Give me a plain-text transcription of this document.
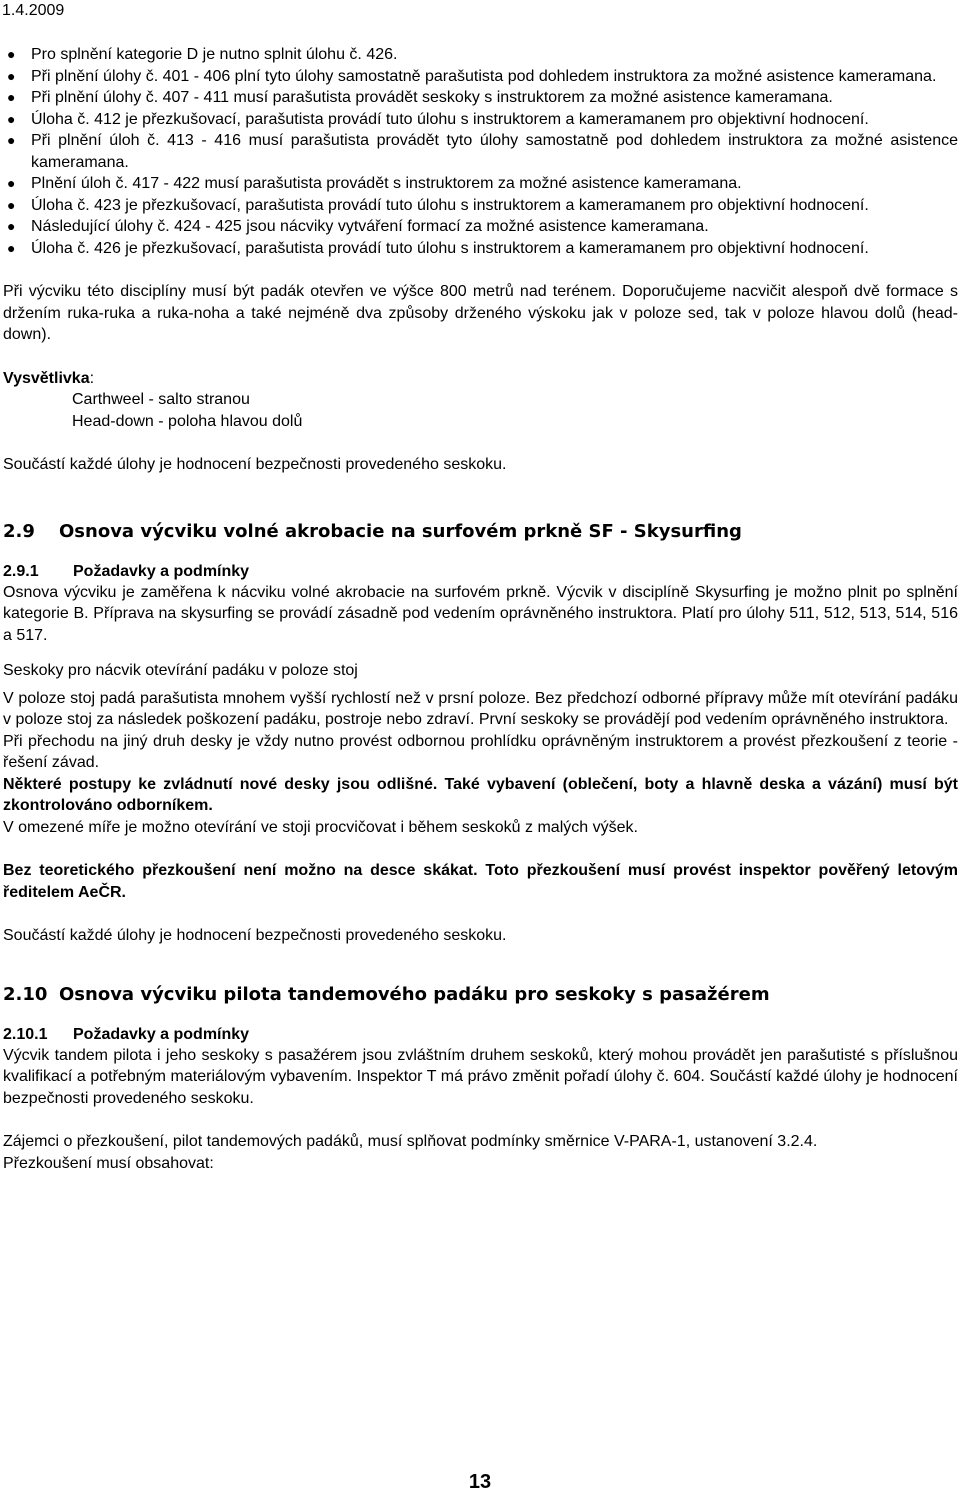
1.4.2009
● Pro splnění kategorie D je nutno splnit úlohu č. 426.
● Při plnění úlohy č. 401 - 406 plní tyto úlohy samostatně parašutista pod dohledem instruktora za možné asistence kameramana.
● Při plnění úlohy č. 407 - 411 musí parašutista provádět seskoky s instruktorem za možné asistence kameramana.
● Úloha č. 412 je přezkušovací, parašutista provádí tuto úlohu s instruktorem a kameramanem pro objektivní hodnocení.
● Při plnění úloh č. 413 - 416 musí parašutista provádět tyto úlohy samostatně pod dohledem instruktora za možné asistence kameramana.
● Plnění úloh č. 417 - 422 musí parašutista provádět s instruktorem za možné asistence kameramana.
● Úloha č. 423 je přezkušovací, parašutista provádí tuto úlohu s instruktorem a kameramanem pro objektivní hodnocení.
● Následující úlohy č. 424 - 425 jsou nácviky vytváření formací za možné asistence kameramana.
● Úloha č. 426 je přezkušovací, parašutista provádí tuto úlohu s instruktorem a kameramanem pro objektivní hodnocení.

Při výcviku této disciplíny musí být padák otevřen ve výšce 800 metrů nad terénem. Doporučujeme nacvičit alespoň dvě formace s držením ruka-ruka a ruka-noha a také nejméně dva způsoby drženého výskoku jak v poloze sed, tak v poloze hlavou dolů (head-down).

Vysvětlivka:

Carthweel - salto stranou

Head-down - poloha hlavou dolů

Součástí každé úlohy je hodnocení bezpečnosti provedeného seskoku.

2.9 Osnova výcviku volné akrobacie na surfovém prkně SF - Skysurfing
2.9.1 Požadavky a podmínky

Osnova výcviku je zaměřena k nácviku volné akrobacie na surfovém prkně. Výcvik v disciplíně Skysurfing je možno plnit po splnění kategorie B. Příprava na skysurfing se provádí zásadně pod vedením oprávněného instruktora. Platí pro úlohy 511, 512, 513, 514, 516 a 517.

Seskoky pro nácvik otevírání padáku v poloze stoj

V poloze stoj padá parašutista mnohem vyšší rychlostí než v prsní poloze. Bez předchozí odborné přípravy může mít otevírání padáku v poloze stoj za následek poškození padáku, postroje nebo zdraví. První seskoky se provádějí pod vedením oprávněného instruktora.

Při přechodu na jiný druh desky je vždy nutno provést odbornou prohlídku oprávněným instruktorem a provést přezkoušení z teorie - řešení závad.

Některé postupy ke zvládnutí nové desky jsou odlišné. Také vybavení (oblečení, boty a hlavně deska a vázání) musí být zkontrolováno odborníkem.

V omezené míře je možno otevírání ve stoji procvičovat i během seskoků z malých výšek.

Bez teoretického přezkoušení není možno na desce skákat. Toto přezkoušení musí provést inspektor pověřený letovým ředitelem AeČR.

Součástí každé úlohy je hodnocení bezpečnosti provedeného seskoku.

2.10 Osnova výcviku pilota tandemového padáku pro seskoky s pasažérem
2.10.1 Požadavky a podmínky

Výcvik tandem pilota i jeho seskoky s pasažérem jsou zvláštním druhem seskoků, který mohou provádět jen parašutisté s příslušnou kvalifikací a potřebným materiálovým vybavením. Inspektor T má právo změnit pořadí úlohy č. 604. Součástí každé úlohy je hodnocení bezpečnosti provedeného seskoku.

Zájemci o přezkoušení, pilot tandemových padáků, musí splňovat podmínky směrnice V-PARA-1, ustanovení 3.2.4.

Přezkoušení musí obsahovat:

13
